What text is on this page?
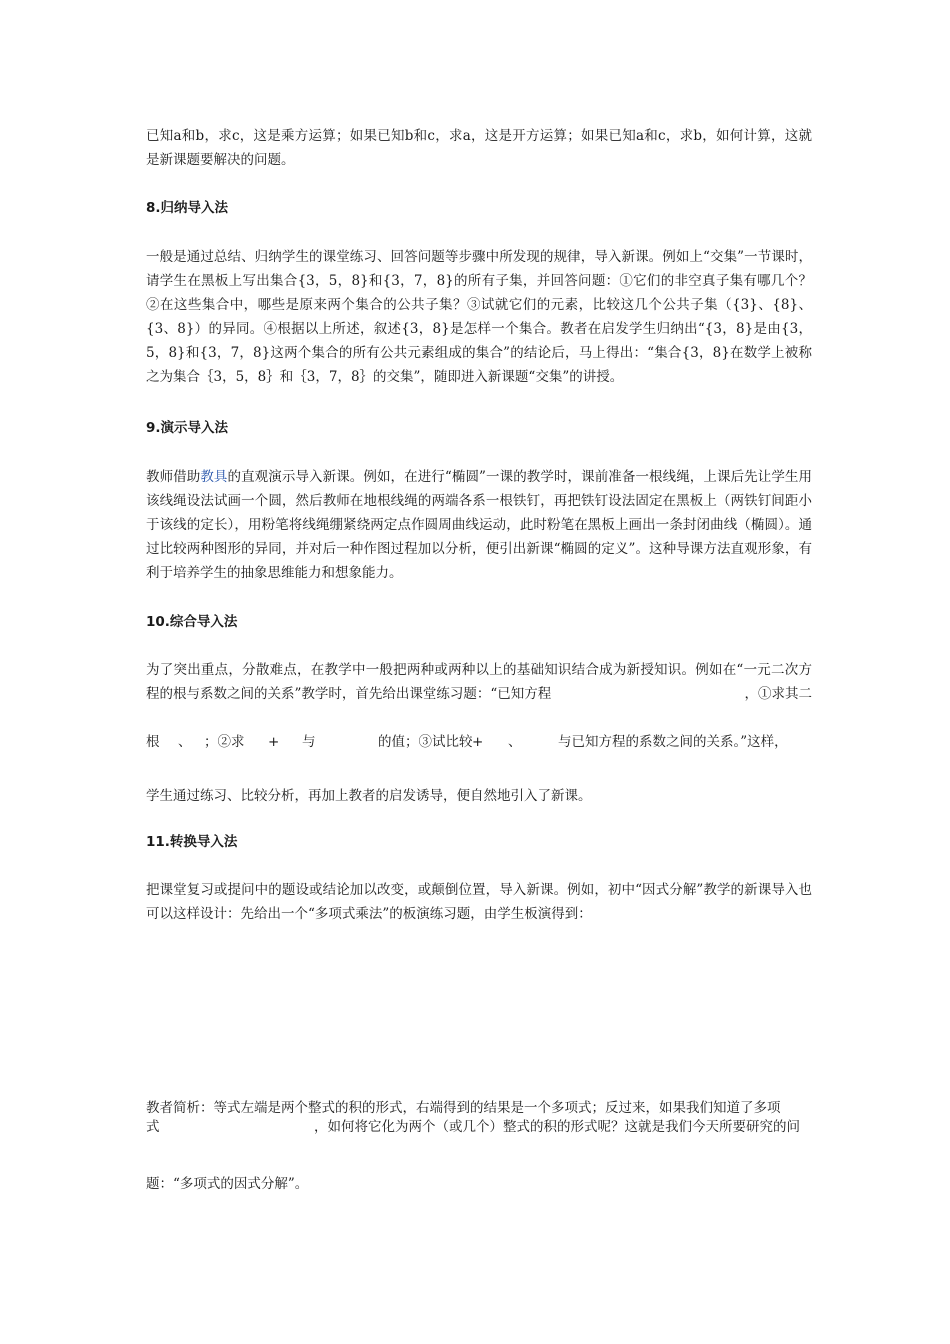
已知a和b，求c，这是乘方运算；如果已知b和c，求a，这是开方运算；如果已知a和c，求b，如何计算，这就是新课题要解决的问题。

8.归纳导入法

一般是通过总结、归纳学生的课堂练习、回答问题等步骤中所发现的规律，导入新课。例如上“交集”一节课时，请学生在黑板上写出集合{3，5，8}和{3，7，8}的所有子集，并回答问题：①它们的非空真子集有哪几个？②在这些集合中，哪些是原来两个集合的公共子集？③试就它们的元素，比较这几个公共子集（{3}、{8}、{3、8}）的异同。④根据以上所述，叙述{3，8}是怎样一个集合。教者在启发学生归纳出“{3，8}是由{3，5，8}和{3，7，8}这两个集合的所有公共元素组成的集合”的结论后，马上得出：“集合{3，8}在数学上被称之为集合｛3，5，8｝和｛3，7，8｝的交集”，随即进入新课题“交集”的讲授。

9.演示导入法

教师借助教具的直观演示导入新课。例如，在进行“椭圆”一课的教学时，课前准备一根线绳，上课后先让学生用该线绳设法试画一个圆，然后教师在地根线绳的两端各系一根铁钉，再把铁钉设法固定在黑板上（两铁钉间距小于该线的定长），用粉笔将线绳绷紧绕两定点作圆周曲线运动，此时粉笔在黑板上画出一条封闭曲线（椭圆）。通过比较两种图形的异同，并对后一种作图过程加以分析，便引出新课“椭圆的定义”。这种导课方法直观形象，有利于培养学生的抽象思维能力和想象能力。

10.综合导入法
为了突出重点，分散难点，在教学中一般把两种或两种以上的基础知识结合成为新授知识。例如在“一元二次方程的根与系数之间的关系”教学时，首先给出课堂练习题：“已知方程	，①求其二
根 、 ；②求 + 与	的值；③试比较 + 、	与已知方程的系数之间的关系。”这样，

学生通过练习、比较分析，再加上教者的启发诱导，便自然地引入了新课。

11.转换导入法

把课堂复习或提问中的题设或结论加以改变，或颠倒位置，导入新课。例如，初中“因式分解”教学的新课导入也可以这样设计：先给出一个“多项式乘法”的板演练习题，由学生板演得到：

教者简析：等式左端是两个整式的积的形式，右端得到的结果是一个多项式；反过来，如果我们知道了多项

式	，如何将它化为两个（或几个）整式的积的形式呢？这就是我们今天所要研究的问

题：“多项式的因式分解”。
